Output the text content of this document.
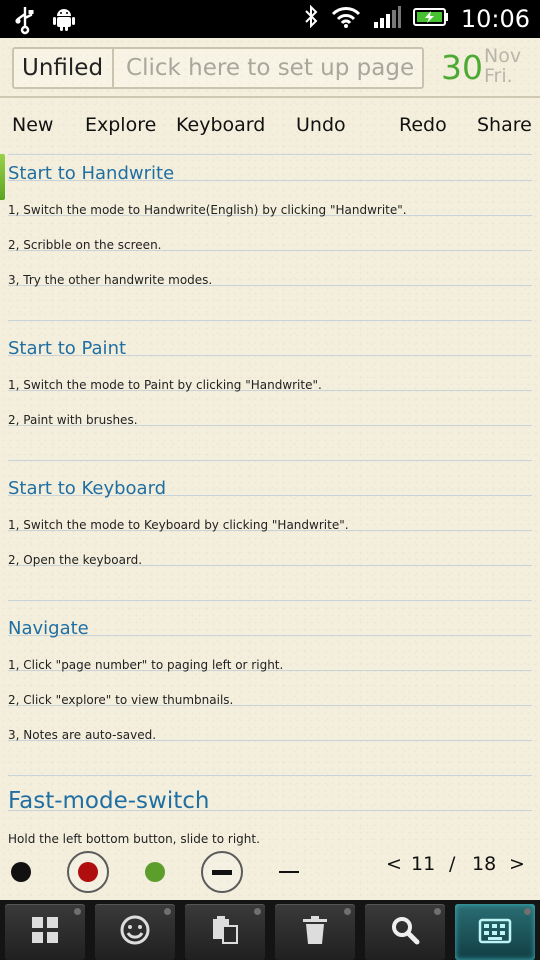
10:06
Unfiled	Click here to set up page 30 Nov
Fri.
New Explore Keyboard Undo	Redo Share
Start to Handwrite
1, Switch the mode to Handwrite(English) by clicking "Handwrite".
2, Scribble on the screen.
3, Try the other handwrite modes.
Start to Paint
1, Switch the mode to Paint by clicking "Handwrite".
2, Paint with brushes.
Start to Keyboard
1, Switch the mode to Keyboard by clicking "Handwrite".
2, Open the keyboard.
Navigate
1, Click "page number" to paging left or right.
2, Click "explore" to view thumbnails.
3, Notes are auto-saved.
Fast-mode-switch
Hold the left bottom button, slide to right.
< 11 / 18 >
